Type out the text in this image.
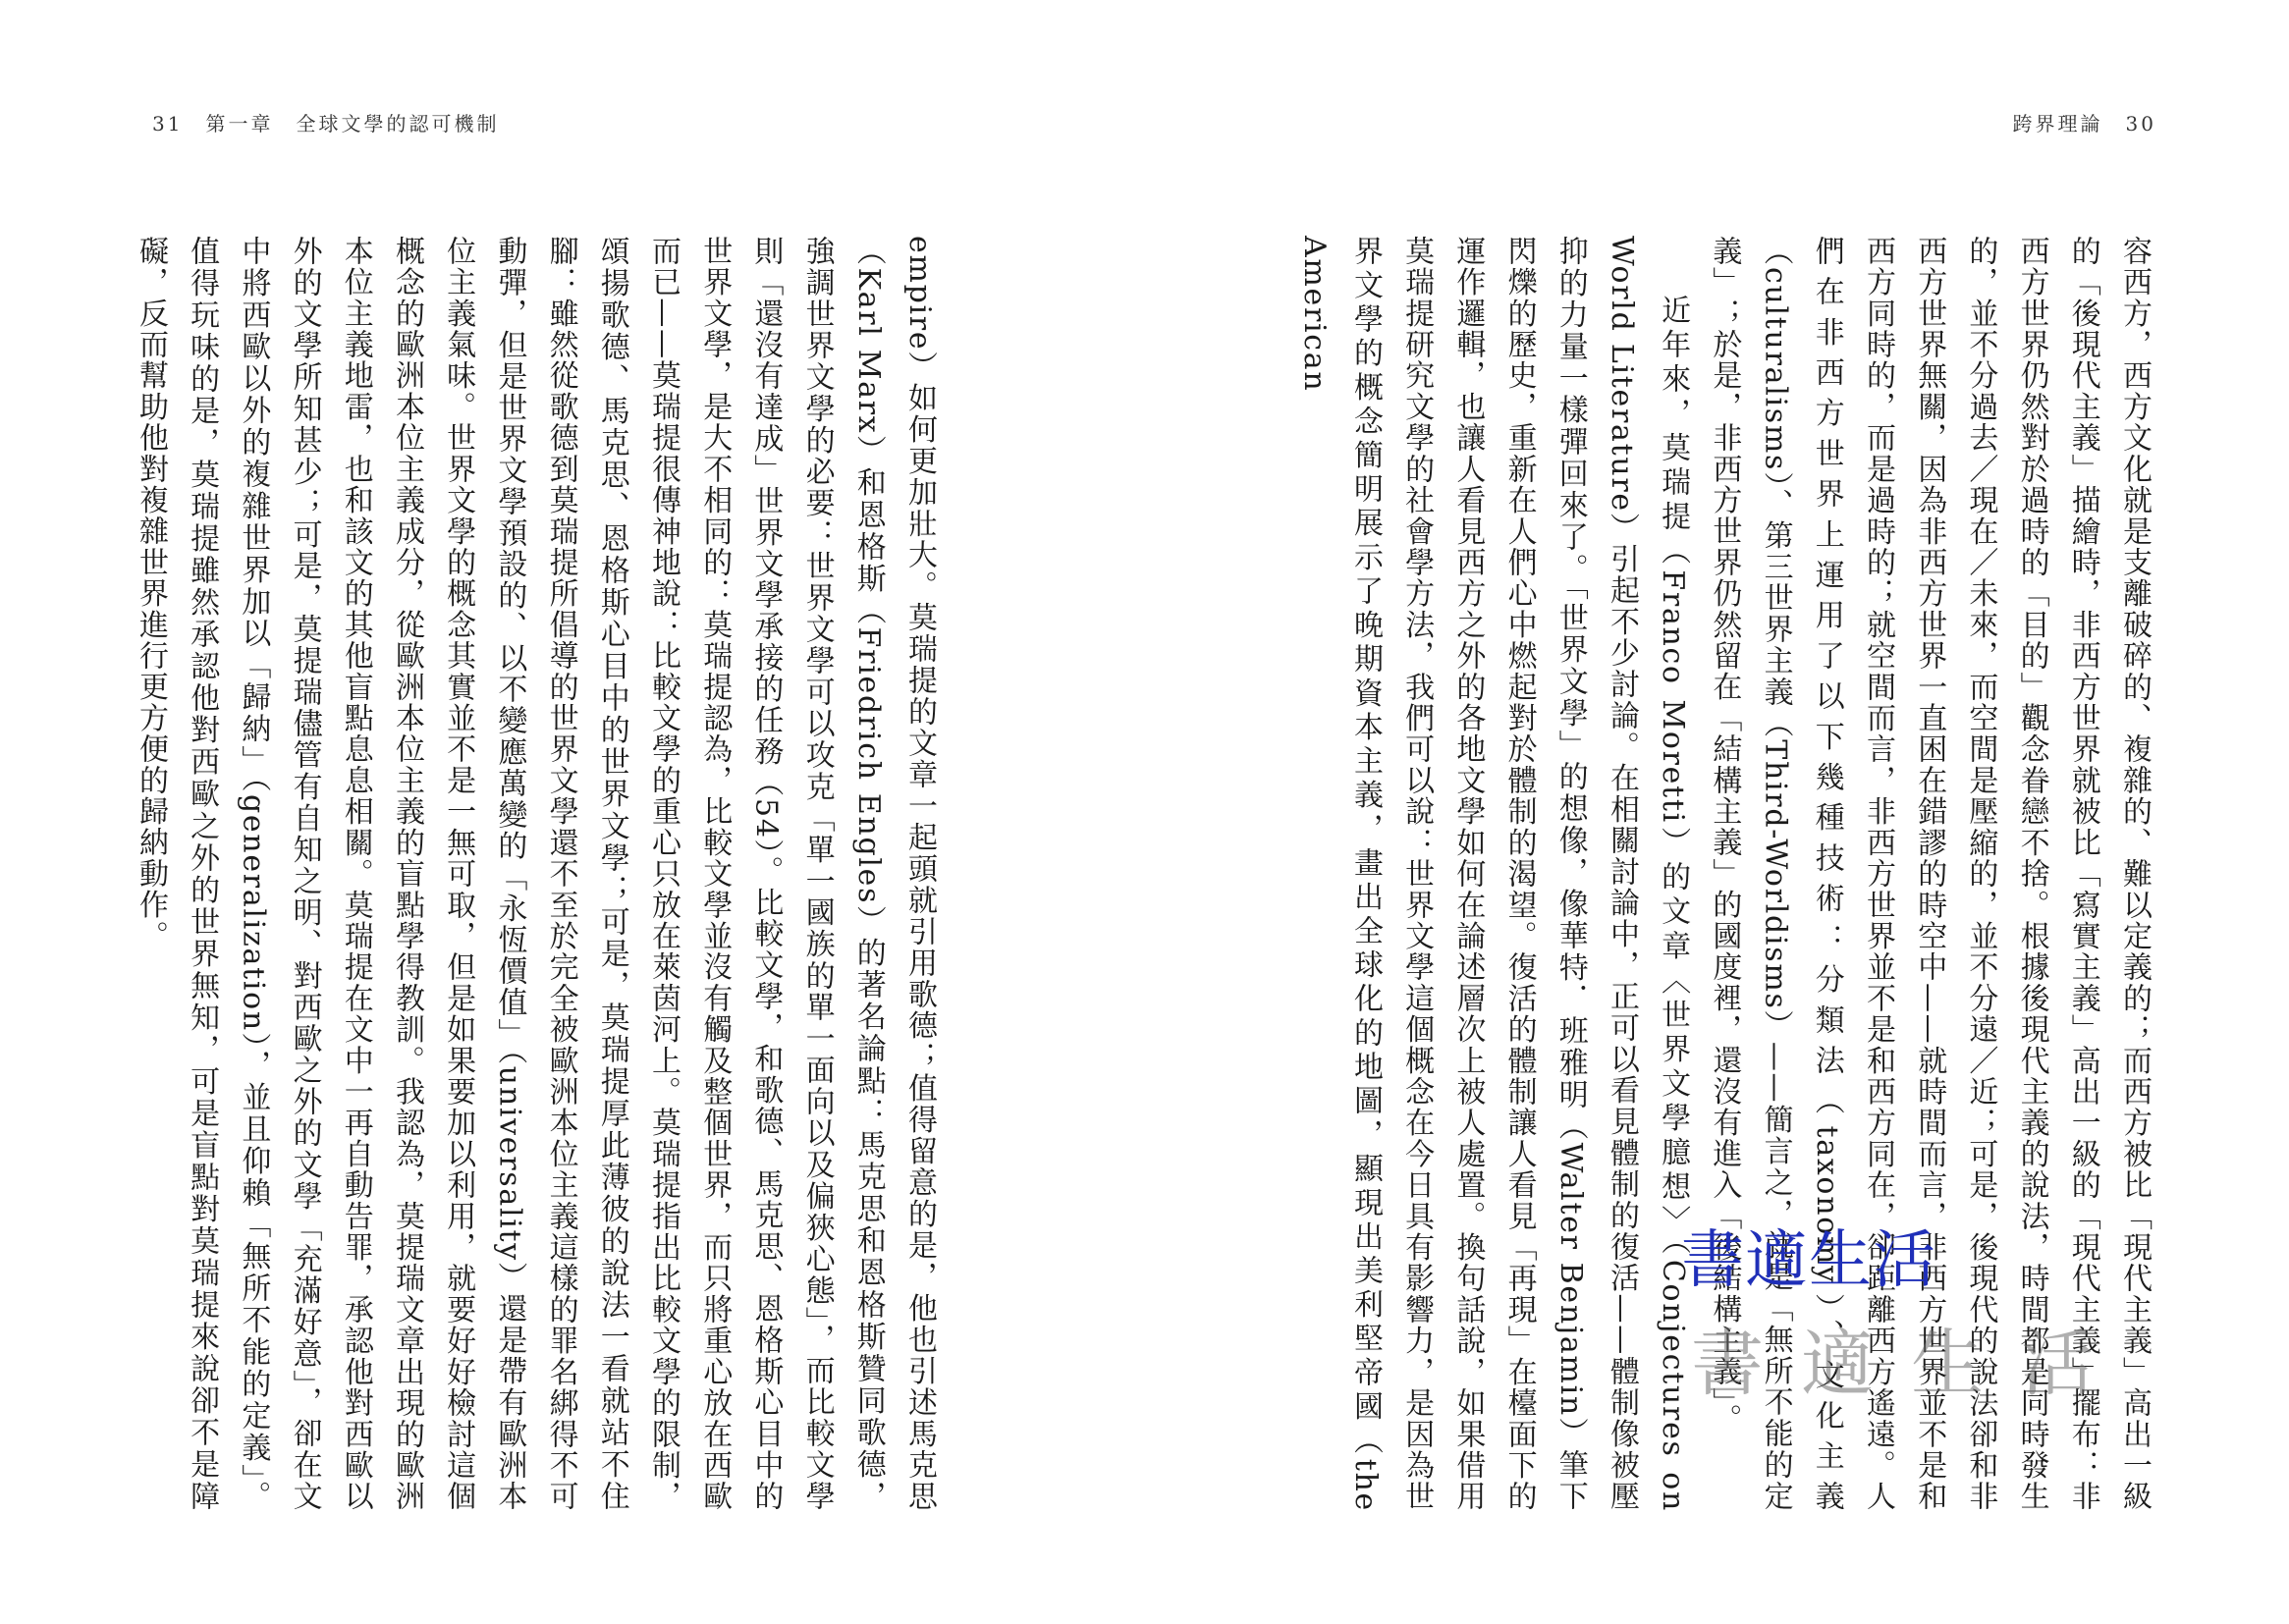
31　第一章　全球文學的認可機制

empire）如何更加壯大。莫瑞提的文章一起頭就引用歌德；值得留意的是，他也引述馬克思（Karl Marx）和恩格斯（Friedrich Engles）的著名論點：馬克思和恩格斯贊同歌德，強調世界文學的必要：世界文學可以攻克「單一國族的單一面向以及偏狹心態」，而比較文學則「還沒有達成」世界文學承接的任務（54）。比較文學，和歌德、馬克思、恩格斯心目中的世界文學，是大不相同的：莫瑞提認為，比較文學並沒有觸及整個世界，而只將重心放在西歐而已——莫瑞提很傳神地說：比較文學的重心只放在萊茵河上。莫瑞提指出比較文學的限制，頌揚歌德、馬克思、恩格斯心目中的世界文學；可是，莫瑞提厚此薄彼的說法一看就站不住腳：雖然從歌德到莫瑞提所倡導的世界文學還不至於完全被歐洲本位主義這樣的罪名綁得不可動彈，但是世界文學預設的、以不變應萬變的「永恆價值」（universality）還是帶有歐洲本位主義氣味。世界文學的概念其實並不是一無可取，但是如果要加以利用，就要好好檢討這個概念的歐洲本位主義成分，從歐洲本位主義的盲點學得教訓。我認為，莫提瑞文章出現的歐洲本位主義地雷，也和該文的其他盲點息息相關。莫瑞提在文中一再自動告罪，承認他對西歐以外的文學所知甚少；可是，莫提瑞儘管有自知之明、對西歐之外的文學「充滿好意」，卻在文中將西歐以外的複雜世界加以「歸納」（generalization），並且仰賴「無所不能的定義」。值得玩味的是，莫瑞提雖然承認他對西歐之外的世界無知，可是盲點對莫瑞提來說卻不是障礙，反而幫助他對複雜世界進行更方便的歸納動作。

跨界理論　30

容西方，西方文化就是支離破碎的、複雜的、難以定義的；而西方被比「現代主義」高出一級的「後現代主義」描繪時，非西方世界就被比「寫實主義」高出一級的「現代主義」擺布：非西方世界仍然對於過時的「目的」觀念眷戀不捨。根據後現代主義的說法，時間都是同時發生的，並不分過去／現在／未來，而空間是壓縮的，並不分遠／近；可是，後現代的說法卻和非西方世界無關，因為非西方世界一直困在錯謬的時空中——就時間而言，非西方世界並不是和西方同時的，而是過時的；就空間而言，非西方世界並不是和西方同在，卻距離西方遙遠。人們在非西方世界上運用了以下幾種技術：分類法（taxonomy）、文化主義（culturalisms）、第三世界主義（Third-Worldisms）——簡言之，就是「無所不能的定義」；於是，非西方世界仍然留在「結構主義」的國度裡，還沒有進入「後結構主義」。

近年來，莫瑞提（Franco Moretti）的文章〈世界文學臆想〉（Conjectures on World Literature）引起不少討論。在相關討論中，正可以看見體制的復活——體制像被壓抑的力量一樣彈回來了。「世界文學」的想像，像華特．班雅明（Walter Benjamin）筆下閃爍的歷史，重新在人們心中燃起對於體制的渴望。復活的體制讓人看見「再現」在檯面下的運作邏輯，也讓人看見西方之外的各地文學如何在論述層次上被人處置。換句話說，如果借用莫瑞提研究文學的社會學方法，我們可以說：世界文學這個概念在今日具有影響力，是因為世界文學的概念簡明展示了晚期資本主義，畫出全球化的地圖，顯現出美利堅帝國（the American

書適生活
書適生活
